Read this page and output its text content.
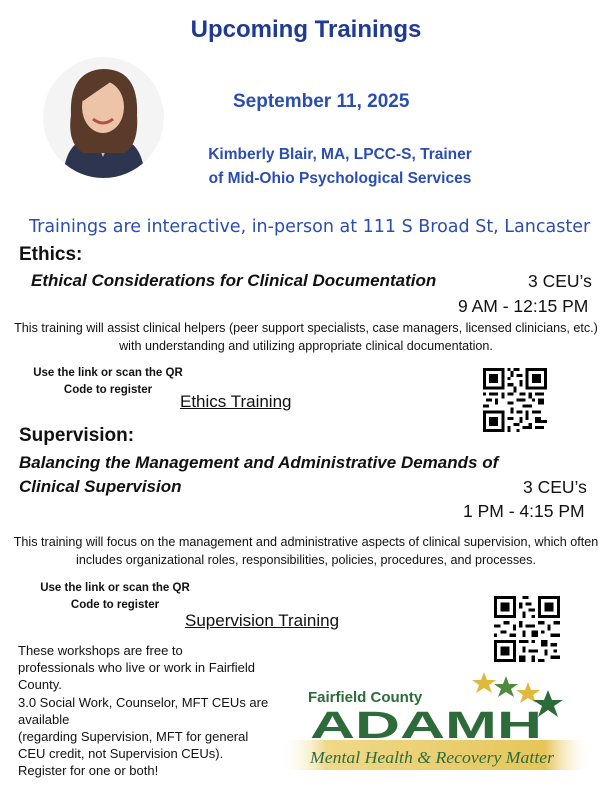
Upcoming Trainings
September 11, 2025
Kimberly Blair, MA, LPCC-S, Trainer
of Mid-Ohio Psychological Services
Trainings are interactive, in-person at 111 S Broad St, Lancaster
Ethics:
Ethical Considerations for Clinical Documentation	3 CEU’s
9 AM - 12:15 PM
This training will assist clinical helpers (peer support specialists, case managers, licensed clinicians, etc.) with understanding and utilizing appropriate clinical documentation.
Use the link or scan the QR
Code to register
Ethics Training
Supervision:
Balancing the Management and Administrative Demands of
Clinical Supervision	3 CEU’s
1 PM - 4:15 PM
This training will focus on the management and administrative aspects of clinical supervision, which often includes organizational roles, responsibilities, policies, procedures, and processes.
Use the link or scan the QR
Code to register
Supervision Training
These workshops are free to
professionals who live or work in Fairfield
County.
3.0 Social Work, Counselor, MFT CEUs are
available
(regarding Supervision, MFT for general
CEU credit, not Supervision CEUs).
Register for one or both!
Fairfield County
ADAMH
Mental Health & Recovery Matter
